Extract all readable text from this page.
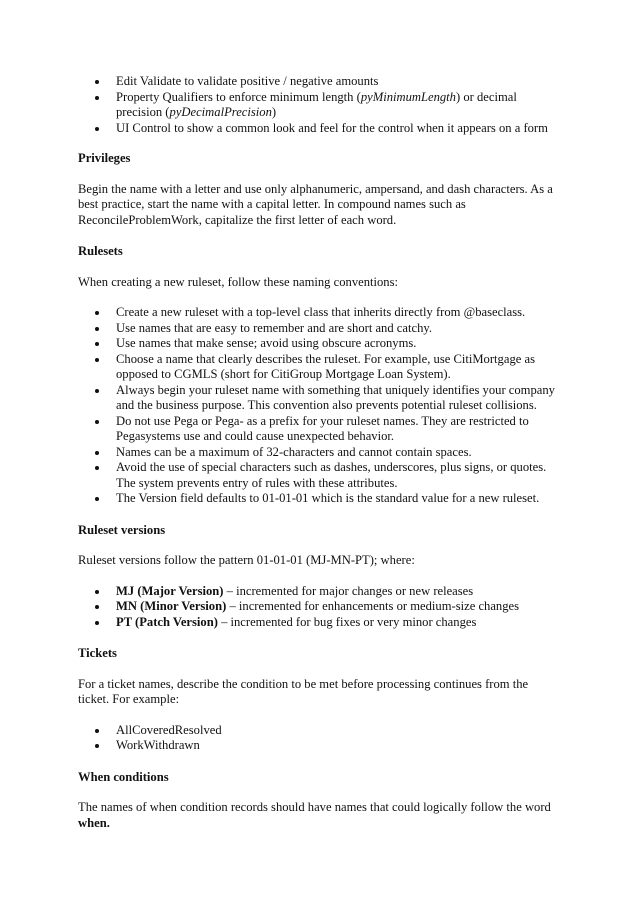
Edit Validate to validate positive / negative amounts
Property Qualifiers to enforce minimum length (pyMinimumLength) or decimal precision (pyDecimalPrecision)
UI Control to show a common look and feel for the control when it appears on a form

Privileges

Begin the name with a letter and use only alphanumeric, ampersand, and dash characters. As a best practice, start the name with a capital letter. In compound names such as ReconcileProblemWork, capitalize the first letter of each word.

Rulesets

When creating a new ruleset, follow these naming conventions:

Create a new ruleset with a top-level class that inherits directly from @baseclass.
Use names that are easy to remember and are short and catchy.
Use names that make sense; avoid using obscure acronyms.
Choose a name that clearly describes the ruleset. For example, use CitiMortgage as opposed to CGMLS (short for CitiGroup Mortgage Loan System).
Always begin your ruleset name with something that uniquely identifies your company and the business purpose. This convention also prevents potential ruleset collisions.
Do not use Pega or Pega- as a prefix for your ruleset names. They are restricted to Pegasystems use and could cause unexpected behavior.
Names can be a maximum of 32-characters and cannot contain spaces.
Avoid the use of special characters such as dashes, underscores, plus signs, or quotes. The system prevents entry of rules with these attributes.
The Version field defaults to 01-01-01 which is the standard value for a new ruleset.

Ruleset versions

Ruleset versions follow the pattern 01-01-01 (MJ-MN-PT); where:

MJ (Major Version) – incremented for major changes or new releases
MN (Minor Version) – incremented for enhancements or medium-size changes
PT (Patch Version) – incremented for bug fixes or very minor changes

Tickets

For a ticket names, describe the condition to be met before processing continues from the ticket. For example:

AllCoveredResolved
WorkWithdrawn

When conditions

The names of when condition records should have names that could logically follow the word when.
